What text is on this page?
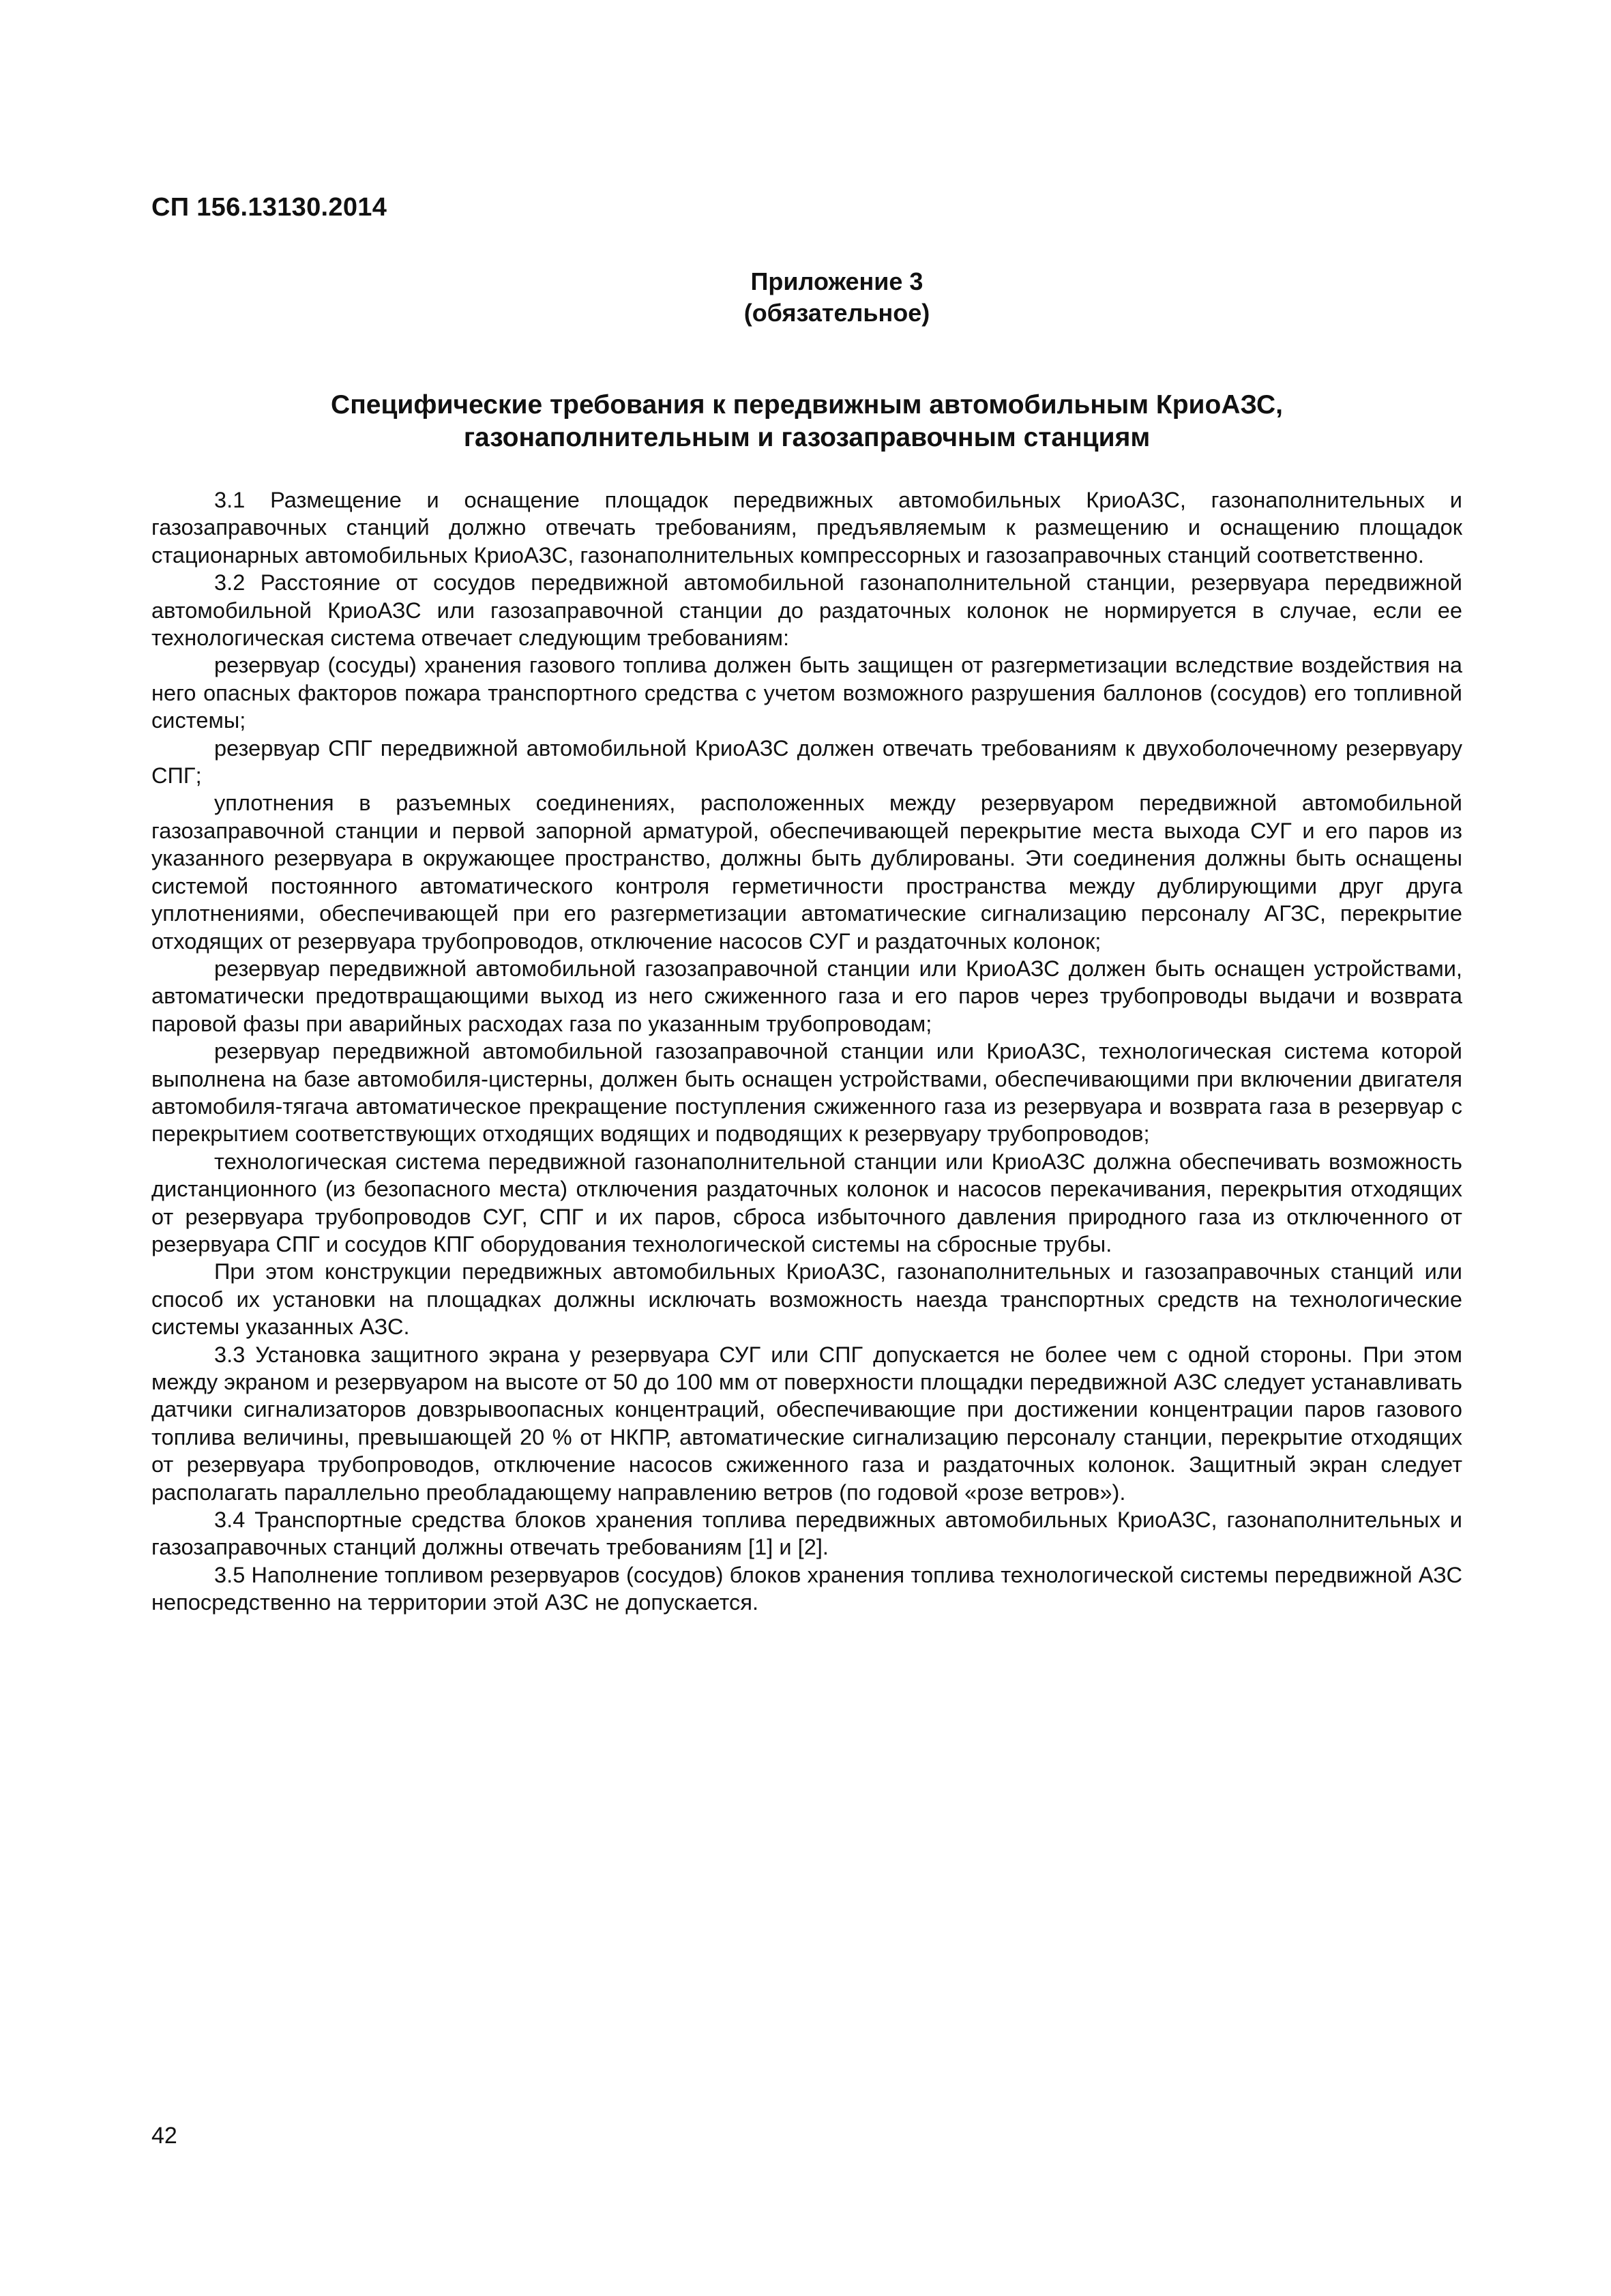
СП 156.13130.2014
Приложение 3
(обязательное)
Специфические требования к передвижным автомобильным КриоАЗС,
газонаполнительным и газозаправочным станциям

3.1 Размещение и оснащение площадок передвижных автомобильных КриоАЗС, газонаполнительных и газозаправочных станций должно отвечать требованиям, предъявляемым к размещению и оснащению площадок стационарных автомобильных КриоАЗС, газонаполнительных компрессорных и газозаправочных станций соответственно.

3.2 Расстояние от сосудов передвижной автомобильной газонаполнительной станции, резервуара передвижной автомобильной КриоАЗС или газозаправочной станции до раздаточных колонок не нормируется в случае, если ее технологическая система отвечает следующим требованиям:

резервуар (сосуды) хранения газового топлива должен быть защищен от разгерметизации вследствие воздействия на него опасных факторов пожара транспортного средства с учетом возможного разрушения баллонов (сосудов) его топливной системы;

резервуар СПГ передвижной автомобильной КриоАЗС должен отвечать требованиям к двухоболочечному резервуару СПГ;

уплотнения в разъемных соединениях, расположенных между резервуаром передвижной автомобильной газозаправочной станции и первой запорной арматурой, обеспечивающей перекрытие места выхода СУГ и его паров из указанного резервуара в окружающее пространство, должны быть дублированы. Эти соединения должны быть оснащены системой постоянного автоматического контроля герметичности пространства между дублирующими друг друга уплотнениями, обеспечивающей при его разгерметизации автоматические сигнализацию персоналу АГЗС, перекрытие отходящих от резервуара трубопроводов, отключение насосов СУГ и раздаточных колонок;

резервуар передвижной автомобильной газозаправочной станции или КриоАЗС должен быть оснащен устройствами, автоматически предотвращающими выход из него сжиженного газа и его паров через трубопроводы выдачи и возврата паровой фазы при аварийных расходах газа по указанным трубопроводам;

резервуар передвижной автомобильной газозаправочной станции или КриоАЗС, технологическая система которой выполнена на базе автомобиля-цистерны, должен быть оснащен устройствами, обеспечивающими при включении двигателя автомобиля-тягача автоматическое прекращение поступления сжиженного газа из резервуара и возврата газа в резервуар с перекрытием соответствующих отходящих водящих и подводящих к резервуару трубопроводов;

технологическая система передвижной газонаполнительной станции или КриоАЗС должна обеспечивать возможность дистанционного (из безопасного места) отключения раздаточных колонок и насосов перекачивания, перекрытия отходящих от резервуара трубопроводов СУГ, СПГ и их паров, сброса избыточного давления природного газа из отключенного от резервуара СПГ и сосудов КПГ оборудования технологической системы на сбросные трубы.

При этом конструкции передвижных автомобильных КриоАЗС, газонаполнительных и газозаправочных станций или способ их установки на площадках должны исключать возможность наезда транспортных средств на технологические системы указанных АЗС.

3.3 Установка защитного экрана у резервуара СУГ или СПГ допускается не более чем с одной стороны. При этом между экраном и резервуаром на высоте от 50 до 100 мм от поверхности площадки передвижной АЗС следует устанавливать датчики сигнализаторов довзрывоопасных концентраций, обеспечивающие при достижении концентрации паров газового топлива величины, превышающей 20 % от НКПР, автоматические сигнализацию персоналу станции, перекрытие отходящих от резервуара трубопроводов, отключение насосов сжиженного газа и раздаточных колонок. Защитный экран следует располагать параллельно преобладающему направлению ветров (по годовой «розе ветров»).

3.4 Транспортные средства блоков хранения топлива передвижных автомобильных КриоАЗС, газонаполнительных и газозаправочных станций должны отвечать требованиям [1] и [2].

3.5 Наполнение топливом резервуаров (сосудов) блоков хранения топлива технологической системы передвижной АЗС непосредственно на территории этой АЗС не допускается.

42
